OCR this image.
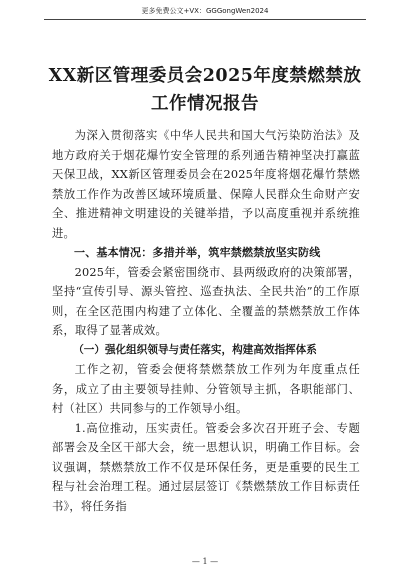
更多免费公文+VX：GGGongWen2024
XX新区管理委员会2025年度禁燃禁放工作情况报告

为深入贯彻落实《中华人民共和国大气污染防治法》及地方政府关于烟花爆竹安全管理的系列通告精神坚决打赢蓝天保卫战，XX新区管理委员会在2025年度将烟花爆竹禁燃禁放工作作为改善区域环境质量、保障人民群众生命财产安全、推进精神文明建设的关键举措，予以高度重视并系统推进。

一、基本情况：多措并举，筑牢禁燃禁放坚实防线

2025年，管委会紧密围绕市、县两级政府的决策部署，坚持“宣传引导、源头管控、巡查执法、全民共治”的工作原则，在全区范围内构建了立体化、全覆盖的禁燃禁放工作体系，取得了显著成效。

（一）强化组织领导与责任落实，构建高效指挥体系

工作之初，管委会便将禁燃禁放工作列为年度重点任务，成立了由主要领导挂帅、分管领导主抓，各职能部门、村（社区）共同参与的工作领导小组。

1.高位推动，压实责任。管委会多次召开班子会、专题部署会及全区干部大会，统一思想认识，明确工作目标。会议强调，禁燃禁放工作不仅是环保任务，更是重要的民生工程与社会治理工程。通过层层签订《禁燃禁放工作目标责任书》，将任务指

— 1 —
